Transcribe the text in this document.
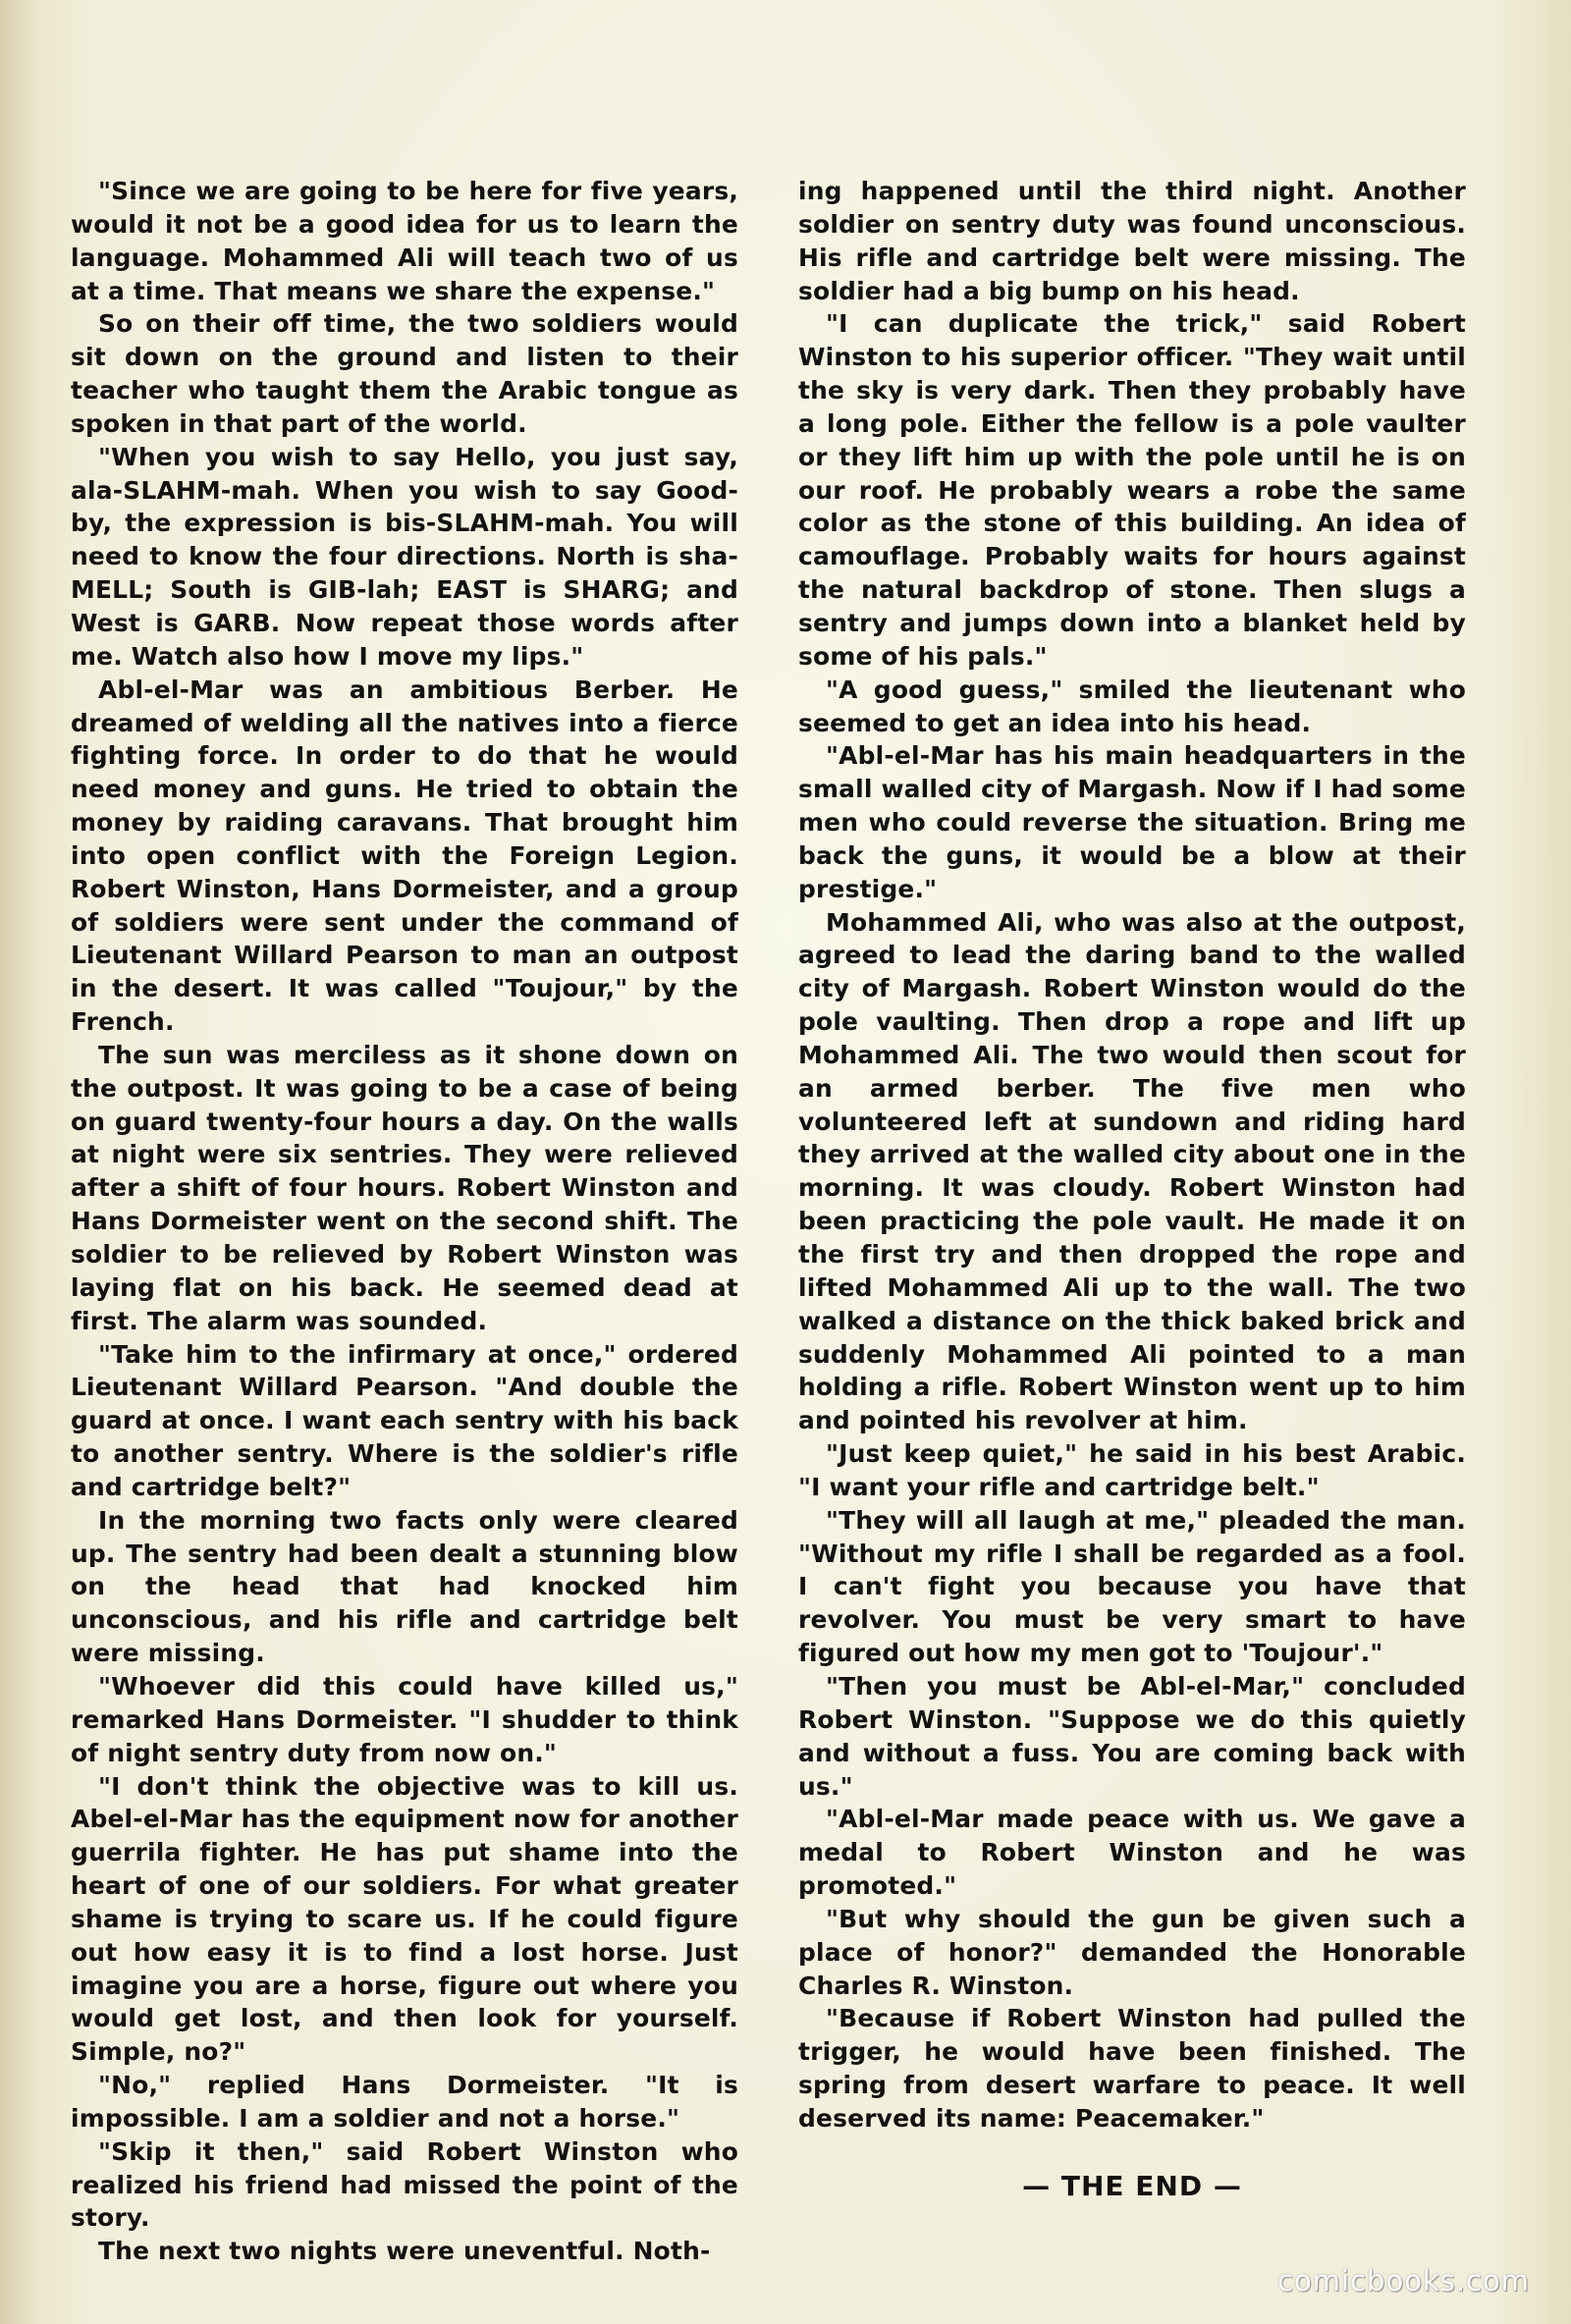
"Since we are going to be here for five years, would it not be a good idea for us to learn the language. Mohammed Ali will teach two of us at a time. That means we share the expense."

So on their off time, the two soldiers would sit down on the ground and listen to their teacher who taught them the Arabic tongue as spoken in that part of the world.

"When you wish to say Hello, you just say, ala-SLAHM-mah. When you wish to say Good-by, the expression is bis-SLAHM-mah. You will need to know the four directions. North is sha-MELL; South is GIB-lah; EAST is SHARG; and West is GARB. Now repeat those words after me. Watch also how I move my lips."

Abl-el-Mar was an ambitious Berber. He dreamed of welding all the natives into a fierce fighting force. In order to do that he would need money and guns. He tried to obtain the money by raiding caravans. That brought him into open conflict with the Foreign Legion. Robert Winston, Hans Dormeister, and a group of soldiers were sent under the command of Lieutenant Willard Pearson to man an outpost in the desert. It was called "Toujour," by the French.

The sun was merciless as it shone down on the outpost. It was going to be a case of being on guard twenty-four hours a day. On the walls at night were six sentries. They were relieved after a shift of four hours. Robert Winston and Hans Dormeister went on the second shift. The soldier to be relieved by Robert Winston was laying flat on his back. He seemed dead at first. The alarm was sounded.

"Take him to the infirmary at once," ordered Lieutenant Willard Pearson. "And double the guard at once. I want each sentry with his back to another sentry. Where is the soldier's rifle and cartridge belt?"

In the morning two facts only were cleared up. The sentry had been dealt a stunning blow on the head that had knocked him unconscious, and his rifle and cartridge belt were missing.

"Whoever did this could have killed us," remarked Hans Dormeister. "I shudder to think of night sentry duty from now on."

"I don't think the objective was to kill us. Abel-el-Mar has the equipment now for another guerrila fighter. He has put shame into the heart of one of our soldiers. For what greater shame is trying to scare us. If he could figure out how easy it is to find a lost horse. Just imagine you are a horse, figure out where you would get lost, and then look for yourself. Simple, no?"

"No," replied Hans Dormeister. "It is impossible. I am a soldier and not a horse."

"Skip it then," said Robert Winston who realized his friend had missed the point of the story.

The next two nights were uneventful. Noth-

ing happened until the third night. Another soldier on sentry duty was found unconscious. His rifle and cartridge belt were missing. The soldier had a big bump on his head.

"I can duplicate the trick," said Robert Winston to his superior officer. "They wait until the sky is very dark. Then they probably have a long pole. Either the fellow is a pole vaulter or they lift him up with the pole until he is on our roof. He probably wears a robe the same color as the stone of this building. An idea of camouflage. Probably waits for hours against the natural backdrop of stone. Then slugs a sentry and jumps down into a blanket held by some of his pals."

"A good guess," smiled the lieutenant who seemed to get an idea into his head.

"Abl-el-Mar has his main headquarters in the small walled city of Margash. Now if I had some men who could reverse the situation. Bring me back the guns, it would be a blow at their prestige."

Mohammed Ali, who was also at the outpost, agreed to lead the daring band to the walled city of Margash. Robert Winston would do the pole vaulting. Then drop a rope and lift up Mohammed Ali. The two would then scout for an armed berber. The five men who volunteered left at sundown and riding hard they arrived at the walled city about one in the morning. It was cloudy. Robert Winston had been practicing the pole vault. He made it on the first try and then dropped the rope and lifted Mohammed Ali up to the wall. The two walked a distance on the thick baked brick and suddenly Mohammed Ali pointed to a man holding a rifle. Robert Winston went up to him and pointed his revolver at him.

"Just keep quiet," he said in his best Arabic. "I want your rifle and cartridge belt."

"They will all laugh at me," pleaded the man. "Without my rifle I shall be regarded as a fool. I can't fight you because you have that revolver. You must be very smart to have figured out how my men got to 'Toujour'."

"Then you must be Abl-el-Mar," concluded Robert Winston. "Suppose we do this quietly and without a fuss. You are coming back with us."

"Abl-el-Mar made peace with us. We gave a medal to Robert Winston and he was promoted."

"But why should the gun be given such a place of honor?" demanded the Honorable Charles R. Winston.

"Because if Robert Winston had pulled the trigger, he would have been finished. The spring from desert warfare to peace. It well deserved its name: Peacemaker."

— THE END —
comicbooks.com
